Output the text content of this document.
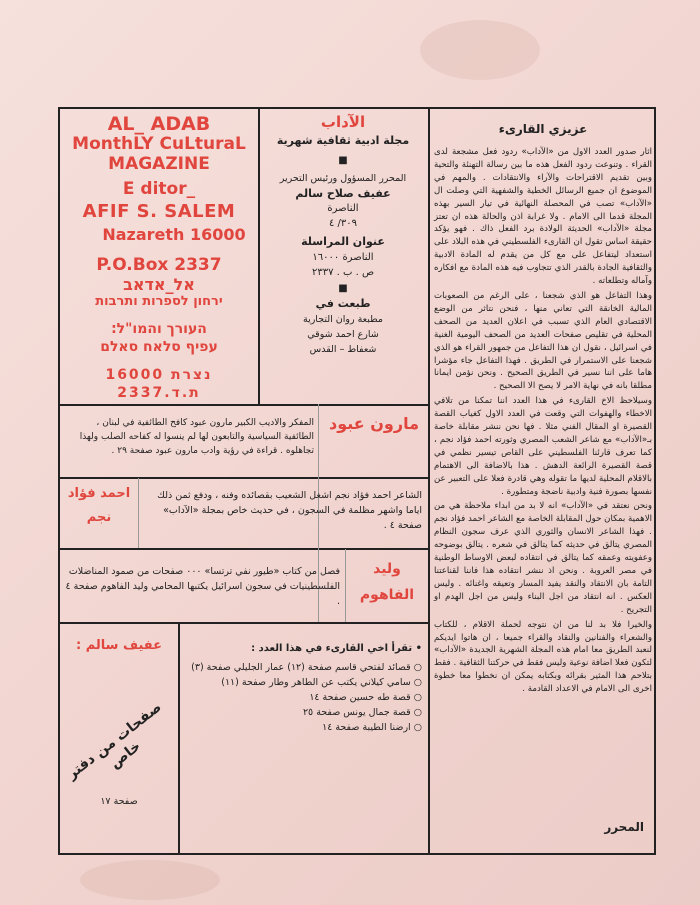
AL_ ADAB
MonthLY CuLturaL
MAGAZINE
E ditor_
AFIF S. SALEM
Nazareth 16000
P.O.Box 2337
אל_אדאב
ירחון לספרות ותרבות
העורך והמו"ל:
עפיף סלאח סאלם
נצרת 16000
ת.ד.2337
الآداب
مجلة ادبية ثقافية شهرية
■
المحرر المسؤول ورئيس التحرير
عفيف صلاح سالم
الناصرة
٣٠٩/ ٤
عنوان المراسلة
الناصرة ١٦٠٠٠
ص . ب . ٢٣٣٧
■
طبعت في
مطبعة روان التجارية
شارع احمد شوقي
شعفاط – القدس
عزيزي القارىء

اثار صدور العدد الاول من «الآداب» ردود فعل مشجعة لدى القراء . وتنوعت ردود الفعل هذه ما بين رسالة التهنئة والتحية وبين تقديم الاقتراحات والآراء والانتقادات . والمهم في الموضوع ان جميع الرسائل الخطية والشفهية التي وصلت ال «الآداب» تصب في المحصلة النهائية في تيار السير بهذه المجلة قدما الى الامام . ولا غرابة اذن والحالة هذه ان تعتز مجلة «الآداب» الحديثة الولادة برد الفعل ذاك . فهو يؤكد حقيقة اساس تقول ان القارىء الفلسطيني في هذه البلاد على استعداد ليتفاعل على مع كل من يقدم له المادة الادبية والثقافية الجادة بالقدر الذي تتجاوب فيه هذه المادة مع افكاره وآماله وتطلعاته .

وهذا التفاعل هو الذي شجعنا ، على الرغم من الصعوبات المالية الخانقة التي تعاني منها ، فنحن نتاثر من الوضع الاقتصادي العام الذي تسبب في اعلان العديد من الصحف المحلية في تقليص صفحات العديد من الصحف اليومية الغنية في اسرائيل ، نقول ان هذا التفاعل من جمهور القراء هو الذي شجعنا على الاستمرار في الطريق . فهذا التفاعل جاء مؤشرا هاما على اننا نسير في الطريق الصحيح . ونحن نؤمن ايمانا مطلقا بانه في نهاية الامر لا يصح الا الصحيح .

وسيلاحظ الاخ القارىء في هذا العدد اننا تمكنا من تلافي الاخطاء والهفوات التي وقعت في العدد الاول كغياب القصة القصيرة او المقال الفني مثلا . فها نحن ننشر مقابلة خاصة بـ«الآداب» مع شاعر الشعب المصري وثورته احمد فؤاد نجم ، كما تعرف قارئنا الفلسطيني على القاص تيسير نظمي في قصة القصيرة الرائعة الدهش . هذا بالاضافة الى الاهتمام بالاقلام المحلية لديها ما تقوله وهي قادرة فعلا على التعبير عن نفسها بصورة فنية وادبية ناضجة ومتطورة .

ونحن نعتقد في «الآداب» انه لا بد من ابداء ملاحظة هي من الاهمية بمكان حول المقابلة الخاصة مع الشاعر احمد فؤاد نجم . فهذا الشاعر الانسان والثوري الذي عرف سجون النظام المصري يتالق في حديثه كما يتالق في شعره . يتالق بوضوحه وعفويته وعمقه كما يتالق في انتقاده لبعض الاوساط الوطنية في مصر العروبة . ونحن اذ ننشر انتقاده هذا فاننا لقناعتنا التامة بان الانتقاد والنقد يفيد المسار وتعيقه واغنائه . وليس العكس . انه انتقاد من اجل البناء وليس من اجل الهدم او التجريح .

والخيرا فلا بد لنا من ان نتوجه لحملة الاقلام ، للكتاب والشعراء والفنانين والنقاد والقراء جميعا ، ان هاتوا ايديكم لنعبد الطريق معا امام هذه المجلة الشهرية الجديدة «الآداب» لتكون فعلا اضافة نوعية وليس فقط في حركتنا الثقافية . فقط بتلاحم هذا المثير بقرائه وبكتابه يمكن ان نخطوا معا خطوة اخرى الى الامام في الاعداد القادمة .

المحرر
مارون عبود
المفكر والاديب الكبير مارون عبود كافح الطائفية في لبنان ، الطائفية السياسية والتابعون لها لم ينسوا له كفاحه الصلب ولهذا تجاهلوه . قراءة في رؤية وادب مارون عبود صفحة ٢٩ .
احمد فؤاد نجم
الشاعر احمد فؤاد نجم اشغل الشعيب بقصائده وفنه ، ودفع ثمن ذلك اياما واشهر مظلمة في السجون ، في حديث خاص بمجلة «الآداب» صفحة ٤ .
وليد الفاهوم
فصل من كتاب «طيور نفي ترتسا» ٠٠٠ صفحات من صمود المناضلات الفلسطينيات في سجون اسرائيل يكتبها المحامي وليد الفاهوم صفحة ٤ .
• تقرأ اخي القارىء في هذا العدد :
○ قصائد لفتحي قاسم صفحة (١٢) عمار الجليلي صفحة (٣)
○ سامي كيلاني يكتب عن الطاهر وطار صفحة (١١)
○ قصة طه حسين صفحة ١٤
○ قصة جمال يونس صفحة ٢٥
○ ارضنا الطيبة صفحة ١٤
عفيف سالم :
صفحات من دفتر خاص
صفحة ١٧
